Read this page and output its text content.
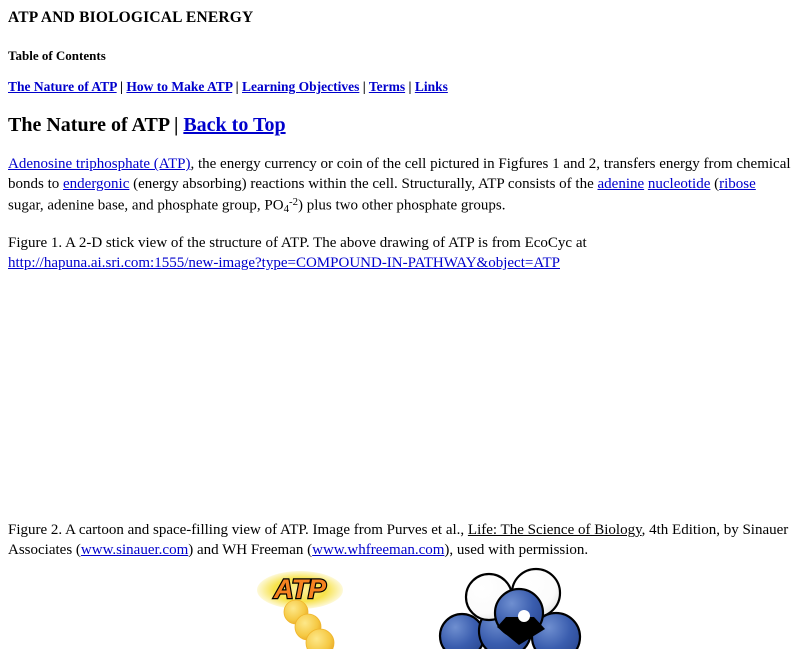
ATP AND BIOLOGICAL ENERGY
Table of Contents
The Nature of ATP | How to Make ATP | Learning Objectives | Terms | Links
The Nature of ATP | Back to Top

Adenosine triphosphate (ATP), the energy currency or coin of the cell pictured in Figfures 1 and 2, transfers energy from chemical bonds to endergonic (energy absorbing) reactions within the cell. Structurally, ATP consists of the adenine nucleotide (ribose sugar, adenine base, and phosphate group, $PO_4^{-2}$) plus two other phosphate groups.

Figure 1. A 2-D stick view of the structure of ATP. The above drawing of ATP is from EcoCyc at http://hapuna.ai.sri.com:1555/new-image?type=COMPOUND-IN-PATHWAY&object=ATP

Figure 2. A cartoon and space-filling view of ATP. Image from Purves et al., Life: The Science of Biology, 4th Edition, by Sinauer Associates (www.sinauer.com) and WH Freeman (www.whfreeman.com), used with permission.

ATP
